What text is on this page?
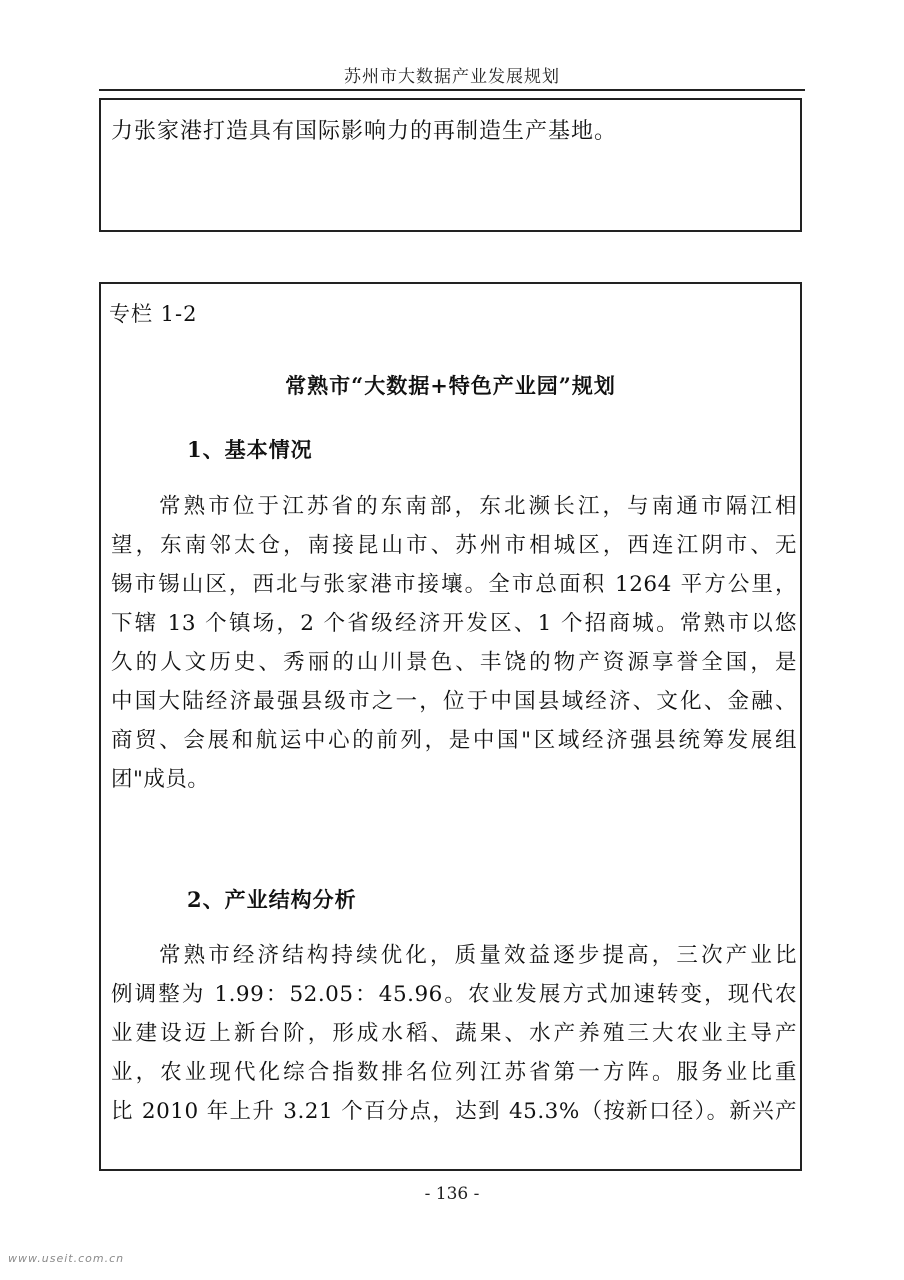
苏州市大数据产业发展规划
力张家港打造具有国际影响力的再制造生产基地。
专栏 1-2
常熟市“大数据+特色产业园”规划
1、基本情况
常熟市位于江苏省的东南部，东北濒长江，与南通市隔江相
望，东南邻太仓，南接昆山市、苏州市相城区，西连江阴市、无
锡市锡山区，西北与张家港市接壤。全市总面积 1264 平方公里，
下辖 13 个镇场，2 个省级经济开发区、1 个招商城。常熟市以悠
久的人文历史、秀丽的山川景色、丰饶的物产资源享誉全国，是
中国大陆经济最强县级市之一，位于中国县域经济、文化、金融、
商贸、会展和航运中心的前列，是中国"区域经济强县统筹发展组
团"成员。
2、产业结构分析
常熟市经济结构持续优化，质量效益逐步提高，三次产业比
例调整为 1.99：52.05：45.96。农业发展方式加速转变，现代农
业建设迈上新台阶，形成水稻、蔬果、水产养殖三大农业主导产
业，农业现代化综合指数排名位列江苏省第一方阵。服务业比重
比 2010 年上升 3.21 个百分点，达到 45.3%（按新口径）。新兴产
- 136 -
www.useit.com.cn
